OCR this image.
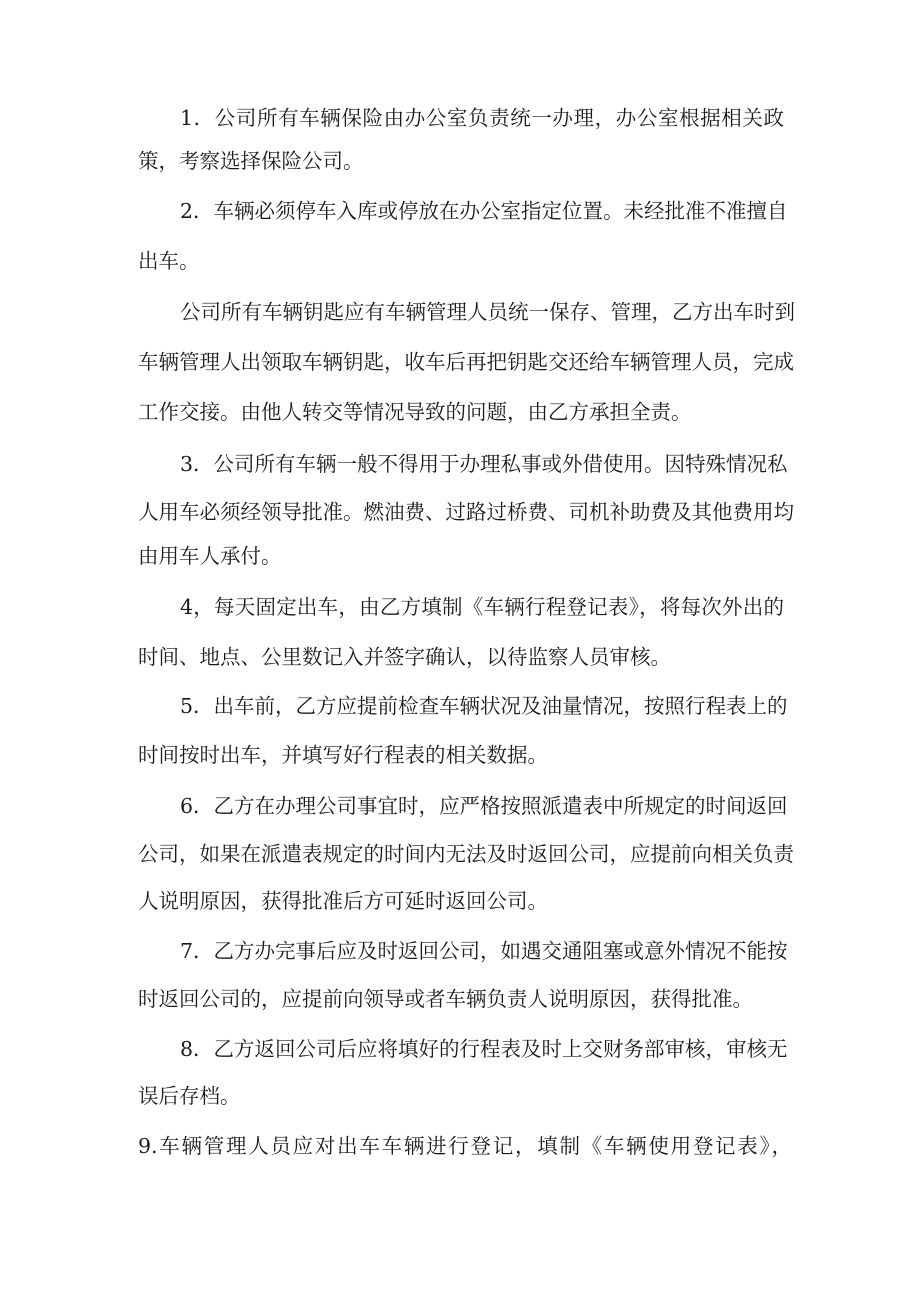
1．公司所有车辆保险由办公室负责统一办理，办公室根据相关政
策，考察选择保险公司。
2．车辆必须停车入库或停放在办公室指定位置。未经批准不准擅自
出车。
公司所有车辆钥匙应有车辆管理人员统一保存、管理，乙方出车时到
车辆管理人出领取车辆钥匙，收车后再把钥匙交还给车辆管理人员，完成
工作交接。由他人转交等情况导致的问题，由乙方承担全责。
3．公司所有车辆一般不得用于办理私事或外借使用。因特殊情况私
人用车必须经领导批准。燃油费、过路过桥费、司机补助费及其他费用均
由用车人承付。
4，每天固定出车，由乙方填制《车辆行程登记表》，将每次外出的
时间、地点、公里数记入并签字确认，以待监察人员审核。
5．出车前，乙方应提前检查车辆状况及油量情况，按照行程表上的
时间按时出车，并填写好行程表的相关数据。
6．乙方在办理公司事宜时，应严格按照派遣表中所规定的时间返回
公司，如果在派遣表规定的时间内无法及时返回公司，应提前向相关负责
人说明原因，获得批准后方可延时返回公司。
7．乙方办完事后应及时返回公司，如遇交通阻塞或意外情况不能按
时返回公司的，应提前向领导或者车辆负责人说明原因，获得批准。
8．乙方返回公司后应将填好的行程表及时上交财务部审核，审核无
误后存档。
9.车辆管理人员应对出车车辆进行登记，填制《车辆使用登记表》，
